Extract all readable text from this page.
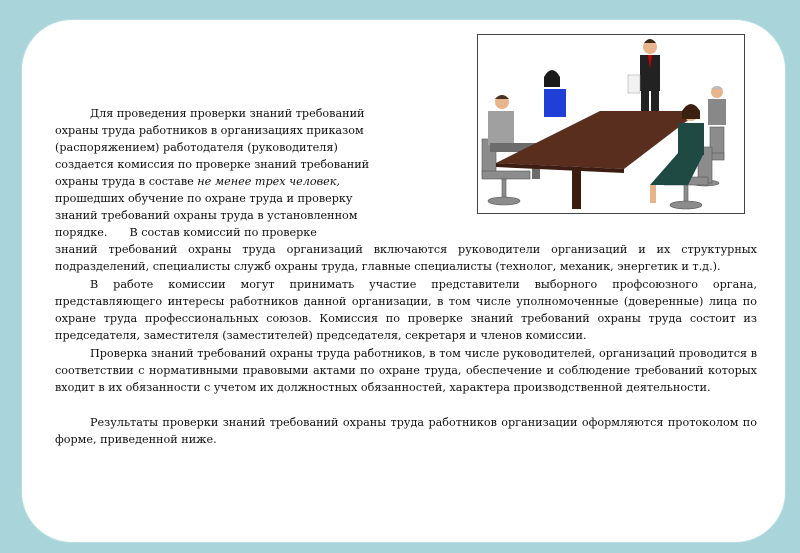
Для проведения проверки знаний требований
охраны труда работников в организациях приказом
(распоряжением) работодателя (руководителя)
создается комиссия по проверке знаний требований
охраны труда в составе не менее трех человек,
прошедших обучение по охране труда и проверку
знаний требований охраны труда в установленном
порядке. В состав комиссий по проверке

знаний требований охраны труда организаций включаются руководители организаций и их структурных подразделений, специалисты служб охраны труда, главные специалисты (технолог, механик, энергетик и т.д.).

В работе комиссии могут принимать участие представители выборного профсоюзного органа, представляющего интересы работников данной организации, в том числе уполномоченные (доверенные) лица по охране труда профессиональных союзов. Комиссия по проверке знаний требований охраны труда состоит из председателя, заместителя (заместителей) председателя, секретаря и членов комиссии.

Проверка знаний требований охраны труда работников, в том числе руководителей, организаций проводится в соответствии с нормативными правовыми актами по охране труда, обеспечение и соблюдение требований которых входит в их обязанности с учетом их должностных обязанностей, характера производственной деятельности.

Результаты проверки знаний требований охраны труда работников организации оформляются протоколом по форме, приведенной ниже.
